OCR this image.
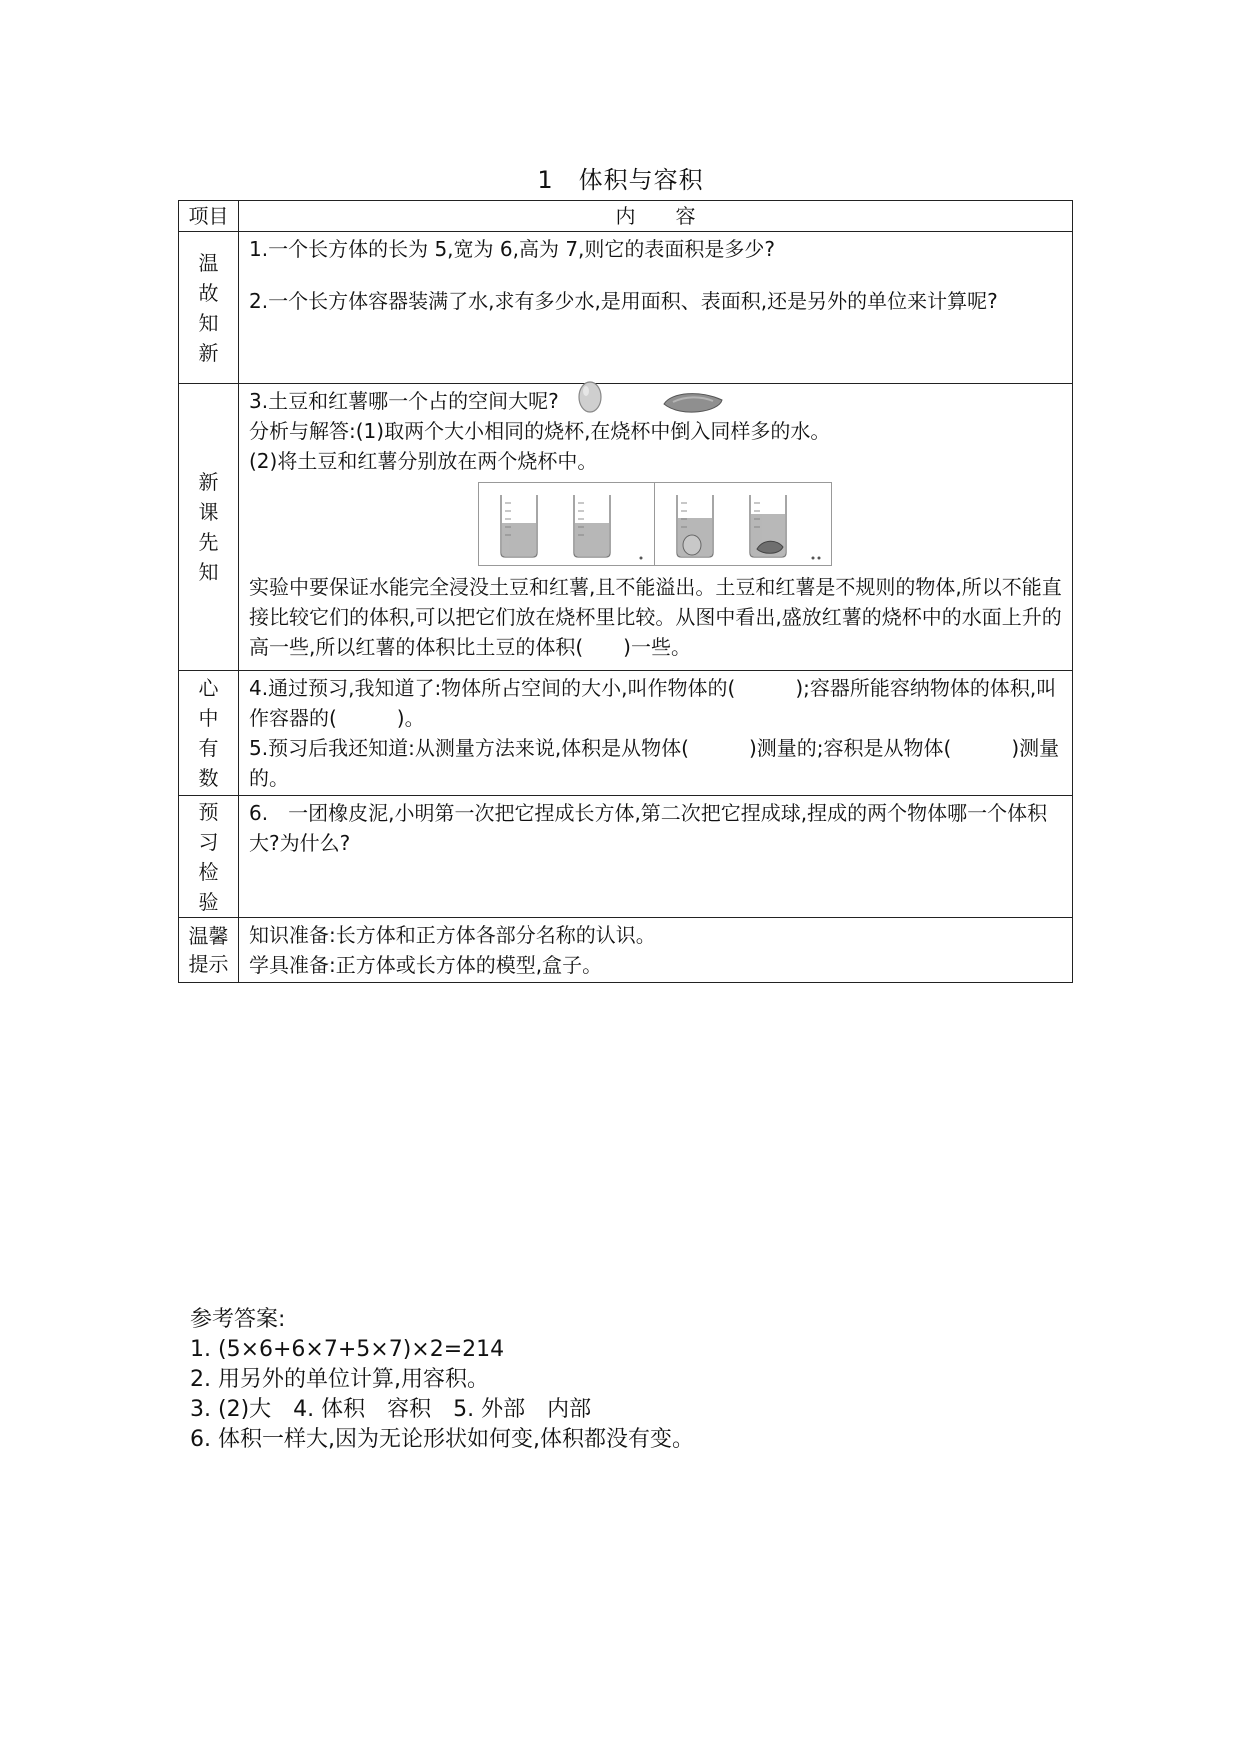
1　体积与容积
项目	内　　容
温故知新	1.一个长方体的长为 5,宽为 6,高为 7,则它的表面积是多少?

2.一个长方体容器装满了水,求有多少水,是用面积、表面积,还是另外的单位来计算呢?

新课先知	3.土豆和红薯哪一个占的空间大呢?

分析与解答:(1)取两个大小相同的烧杯,在烧杯中倒入同样多的水。

(2)将土豆和红薯分别放在两个烧杯中。

实验中要保证水能完全浸没土豆和红薯,且不能溢出。土豆和红薯是不规则的物体,所以不能直接比较它们的体积,可以把它们放在烧杯里比较。从图中看出,盛放红薯的烧杯中的水面上升的高一些,所以红薯的体积比土豆的体积(　　)一些。

心中有数	4.通过预习,我知道了:物体所占空间的大小,叫作物体的(　　　);容器所能容纳物体的体积,叫作容器的(　　　)。

5.预习后我还知道:从测量方法来说,体积是从物体(　　　)测量的;容积是从物体(　　　)测量的。

预习检验	6.　一团橡皮泥,小明第一次把它捏成长方体,第二次把它捏成球,捏成的两个物体哪一个体积大?为什么?

温馨提示	知识准备:长方体和正方体各部分名称的认识。

学具准备:正方体或长方体的模型,盒子。

参考答案:

1. (5×6+6×7+5×7)×2=214

2. 用另外的单位计算,用容积。

3. (2)大　4. 体积　容积　5. 外部　内部

6. 体积一样大,因为无论形状如何变,体积都没有变。
